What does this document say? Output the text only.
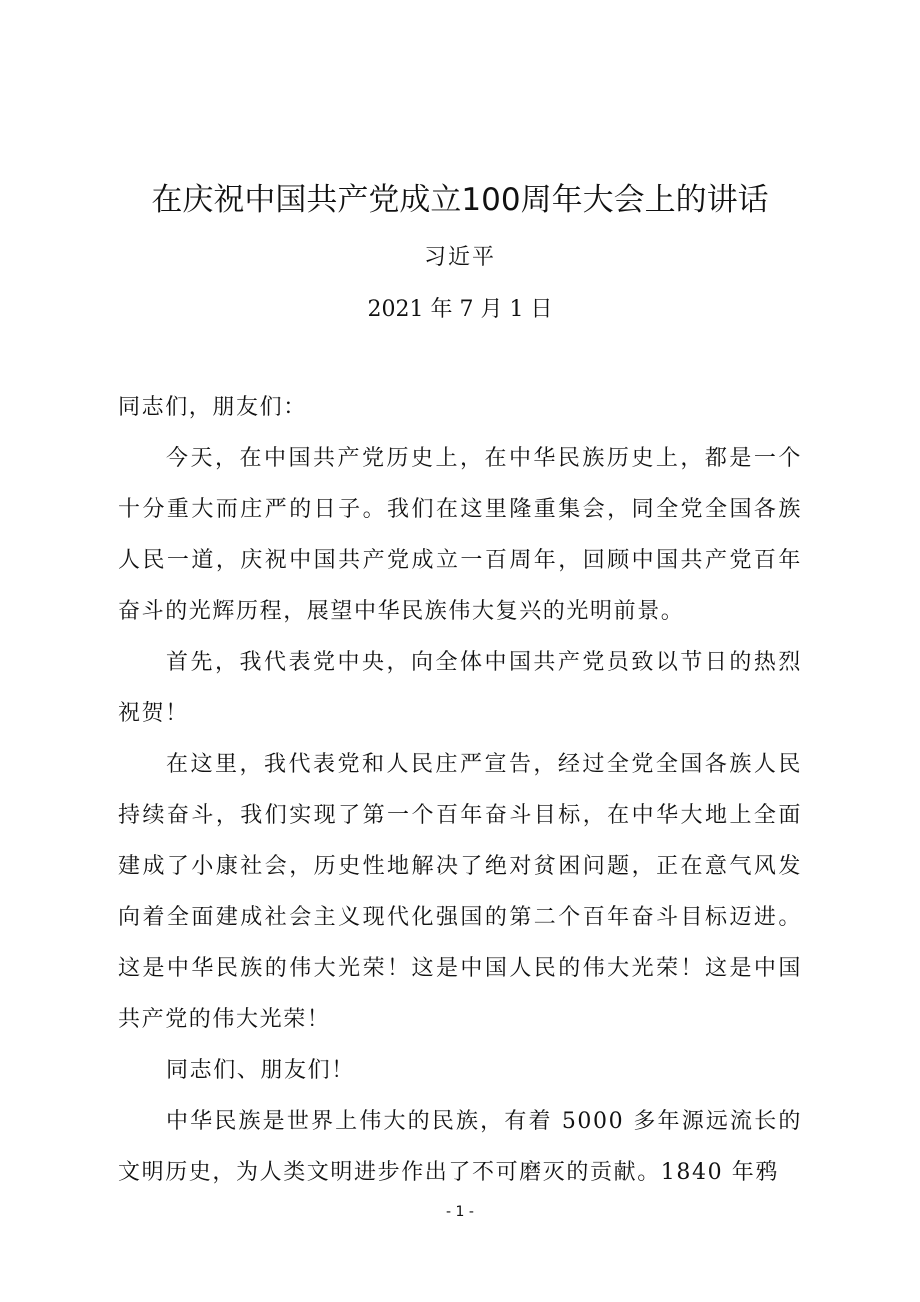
在庆祝中国共产党成立100周年大会上的讲话
习近平
2021 年 7 月 1 日

同志们，朋友们：

今天，在中国共产党历史上，在中华民族历史上，都是一个十分重大而庄严的日子。我们在这里隆重集会，同全党全国各族人民一道，庆祝中国共产党成立一百周年，回顾中国共产党百年奋斗的光辉历程，展望中华民族伟大复兴的光明前景。

首先，我代表党中央，向全体中国共产党员致以节日的热烈祝贺！

在这里，我代表党和人民庄严宣告，经过全党全国各族人民持续奋斗，我们实现了第一个百年奋斗目标，在中华大地上全面建成了小康社会，历史性地解决了绝对贫困问题，正在意气风发向着全面建成社会主义现代化强国的第二个百年奋斗目标迈进。这是中华民族的伟大光荣！这是中国人民的伟大光荣！这是中国共产党的伟大光荣！

同志们、朋友们！

中华民族是世界上伟大的民族，有着 5000 多年源远流长的文明历史，为人类文明进步作出了不可磨灭的贡献。1840 年鸦

- 1 -
